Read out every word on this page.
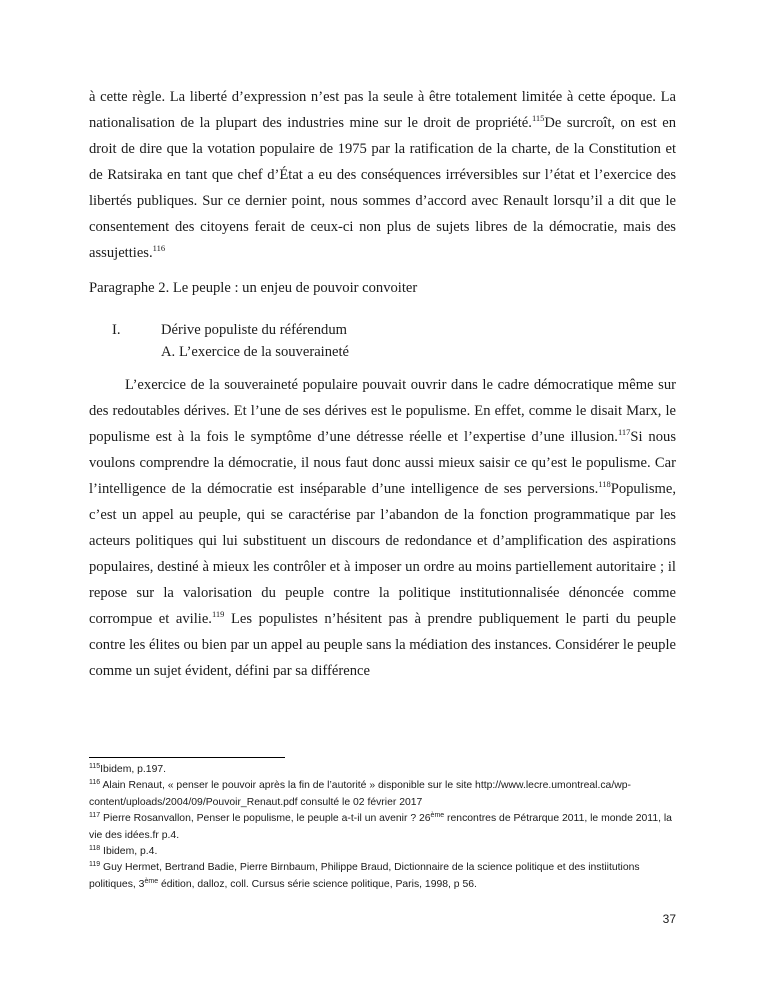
à cette règle. La liberté d’expression n’est pas la seule à être totalement limitée à cette époque. La nationalisation de la plupart des industries mine sur le droit de propriété.$^{115}$De surcroît, on est en droit de dire que la votation populaire de 1975 par la ratification de la charte, de la Constitution et de Ratsiraka en tant que chef d’État a eu des conséquences irréversibles sur l’état et l’exercice des libertés publiques. Sur ce dernier point, nous sommes d’accord avec Renault lorsqu’il a dit que le consentement des citoyens ferait de ceux-ci non plus de sujets libres de la démocratie, mais des assujetties.$^{116}$

Paragraphe 2. Le peuple : un enjeu de pouvoir convoiter

I.	Dérive populiste du référendum
A. L’exercice de la souveraineté

L’exercice de la souveraineté populaire pouvait ouvrir dans le cadre démocratique même sur des redoutables dérives. Et l’une de ses dérives est le populisme. En effet, comme le disait Marx, le populisme est à la fois le symptôme d’une détresse réelle et l’expertise d’une illusion.$^{117}$Si nous voulons comprendre la démocratie, il nous faut donc aussi mieux saisir ce qu’est le populisme. Car l’intelligence de la démocratie est inséparable d’une intelligence de ses perversions.$^{118}$Populisme, c’est un appel au peuple, qui se caractérise par l’abandon de la fonction programmatique par les acteurs politiques qui lui substituent un discours de redondance et d’amplification des aspirations populaires, destiné à mieux les contrôler et à imposer un ordre au moins partiellement autoritaire ; il repose sur la valorisation du peuple contre la politique institutionnalisée dénoncée comme corrompue et avilie.$^{119}$ Les populistes n’hésitent pas à prendre publiquement le parti du peuple contre les élites ou bien par un appel au peuple sans la médiation des instances. Considérer le peuple comme un sujet évident, défini par sa différence

$^{115}$Ibidem, p.197.

$^{116}$ Alain Renaut, « penser le pouvoir après la fin de l’autorité » disponible sur le site http://www.lecre.umontreal.ca/wp-content/uploads/2004/09/Pouvoir_Renaut.pdf consulté le 02 février 2017

$^{117}$ Pierre Rosanvallon, Penser le populisme, le peuple a-t-il un avenir ? 26ème rencontres de Pétrarque 2011, le monde 2011, la vie des idées.fr p.4.

$^{118}$ Ibidem, p.4.

$^{119}$ Guy Hermet, Bertrand Badie, Pierre Birnbaum, Philippe Braud, Dictionnaire de la science politique et des instiitutions politiques, 3ème édition, dalloz, coll. Cursus série science politique, Paris, 1998, p 56.

37
